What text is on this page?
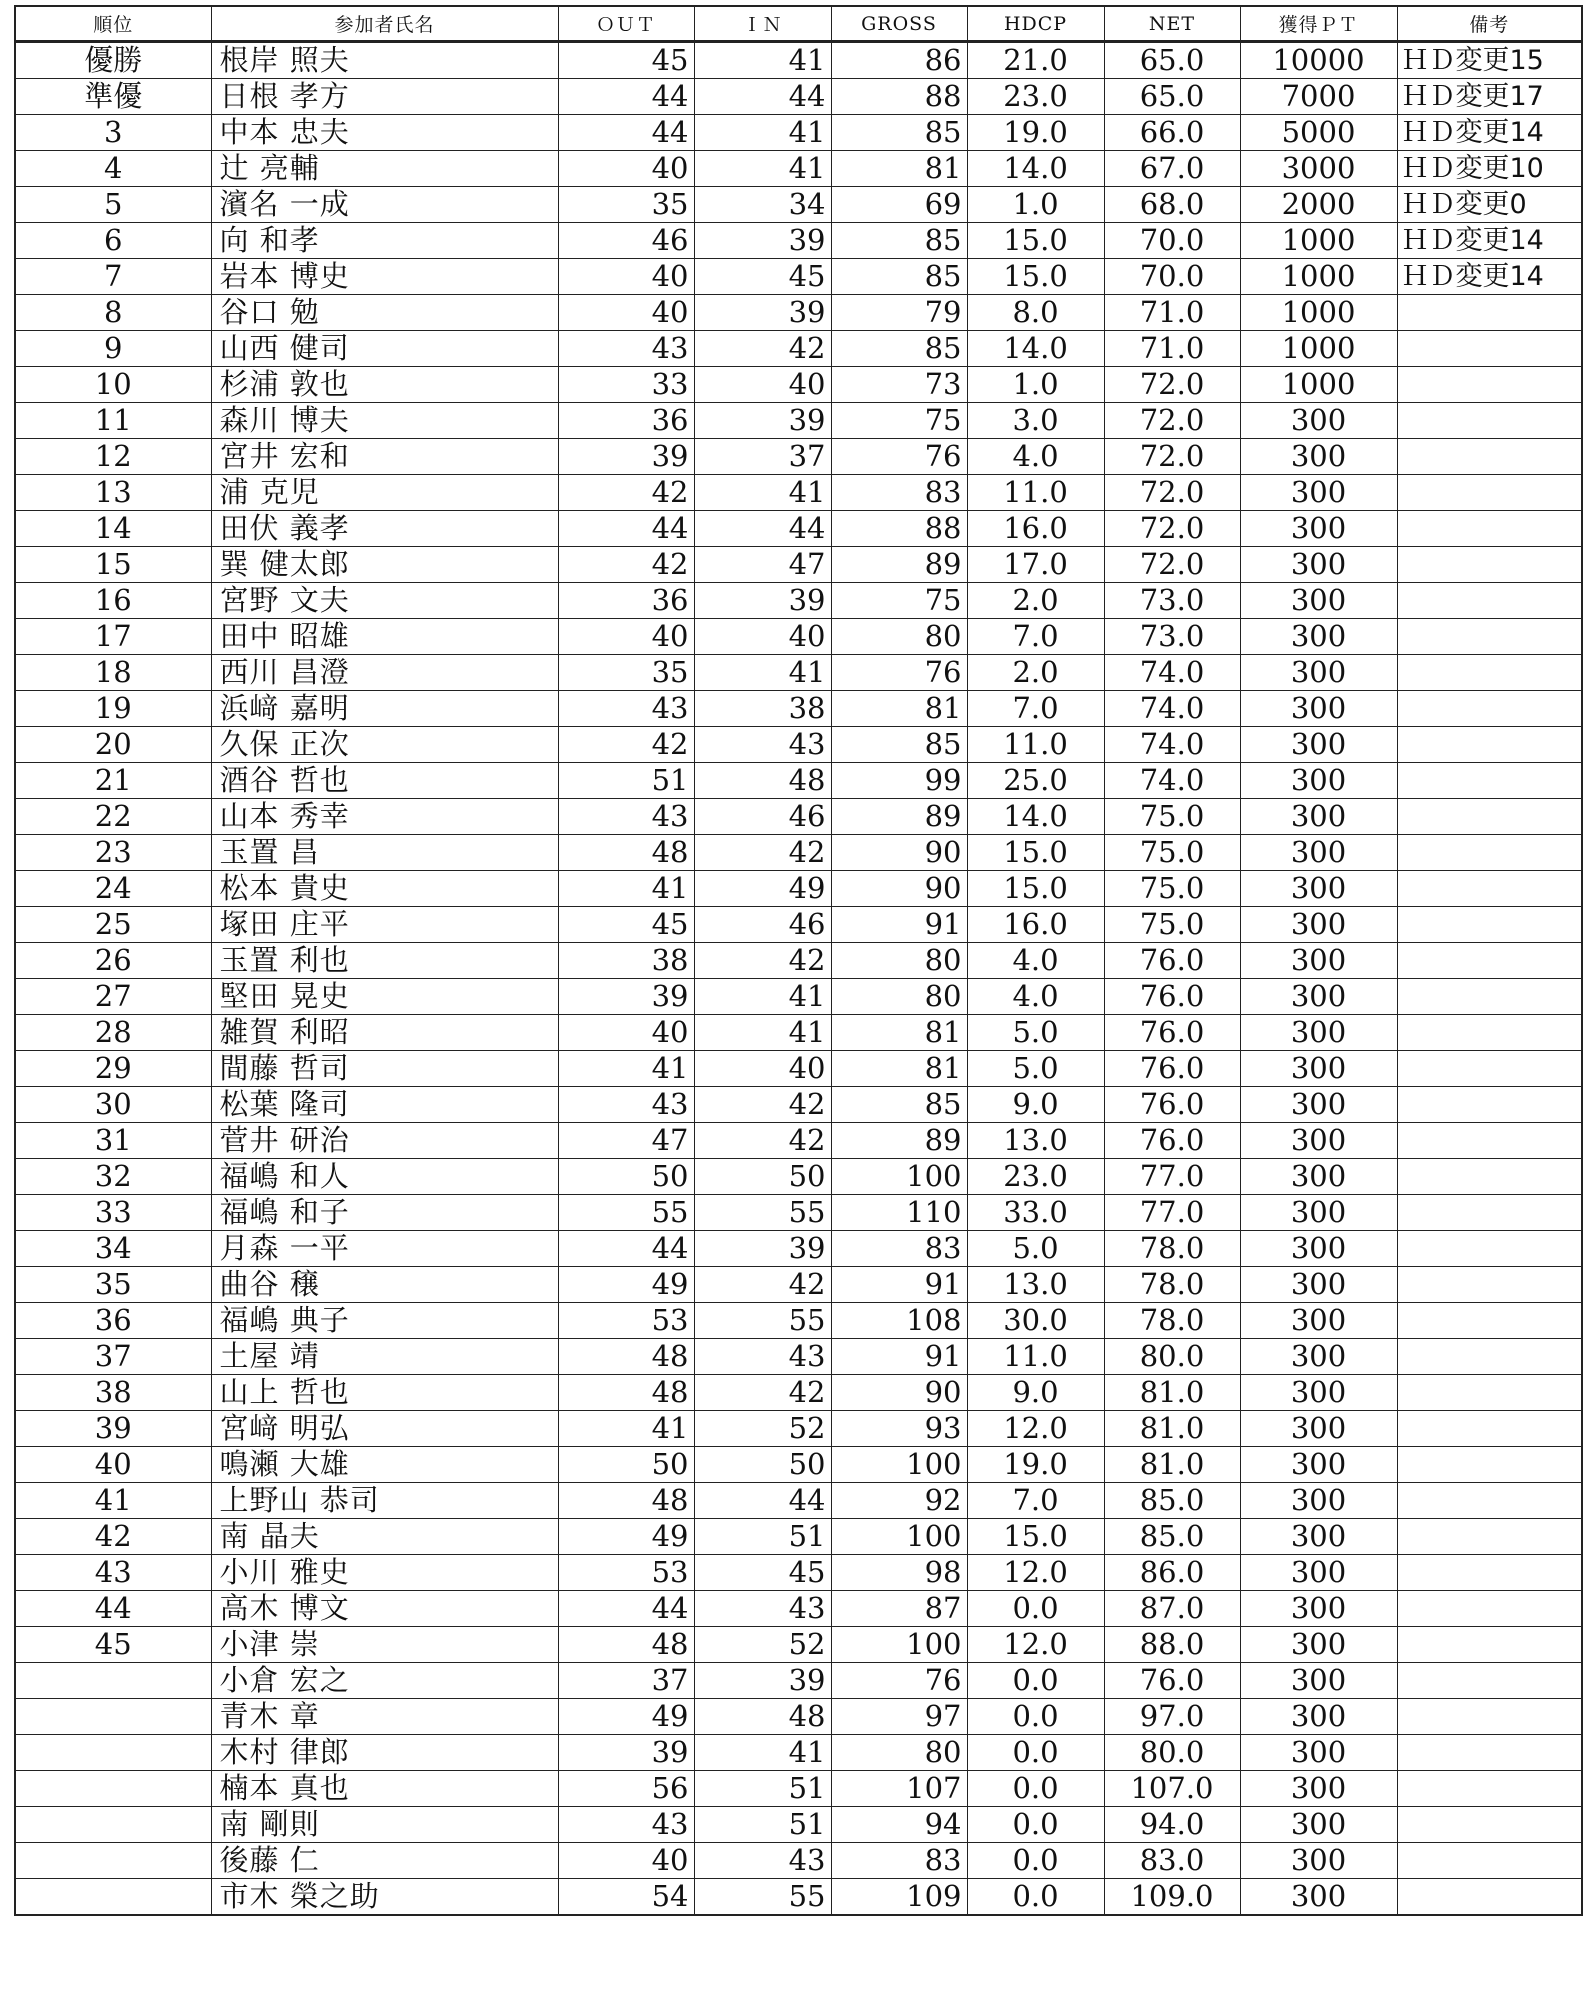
順位	参加者氏名	ＯＵＴ	ＩＮ	GROSS	HDCP	NET	獲得ＰＴ	備考
優勝	根岸 照夫	45	41	86	21.0	65.0	10000	ＨＤ変更15
準優	日根 孝方	44	44	88	23.0	65.0	7000	ＨＤ変更17
3	中本 忠夫	44	41	85	19.0	66.0	5000	ＨＤ変更14
4	辻 亮輔	40	41	81	14.0	67.0	3000	ＨＤ変更10
5	濱名 一成	35	34	69	1.0	68.0	2000	ＨＤ変更0
6	向 和孝	46	39	85	15.0	70.0	1000	ＨＤ変更14
7	岩本 博史	40	45	85	15.0	70.0	1000	ＨＤ変更14
8	谷口 勉	40	39	79	8.0	71.0	1000	
9	山西 健司	43	42	85	14.0	71.0	1000	
10	杉浦 敦也	33	40	73	1.0	72.0	1000	
11	森川 博夫	36	39	75	3.0	72.0	300	
12	宮井 宏和	39	37	76	4.0	72.0	300	
13	浦 克児	42	41	83	11.0	72.0	300	
14	田伏 義孝	44	44	88	16.0	72.0	300	
15	巽 健太郎	42	47	89	17.0	72.0	300	
16	宮野 文夫	36	39	75	2.0	73.0	300	
17	田中 昭雄	40	40	80	7.0	73.0	300	
18	西川 昌澄	35	41	76	2.0	74.0	300	
19	浜﨑 嘉明	43	38	81	7.0	74.0	300	
20	久保 正次	42	43	85	11.0	74.0	300	
21	酒谷 哲也	51	48	99	25.0	74.0	300	
22	山本 秀幸	43	46	89	14.0	75.0	300	
23	玉置 昌	48	42	90	15.0	75.0	300	
24	松本 貴史	41	49	90	15.0	75.0	300	
25	塚田 庄平	45	46	91	16.0	75.0	300	
26	玉置 利也	38	42	80	4.0	76.0	300	
27	堅田 晃史	39	41	80	4.0	76.0	300	
28	雑賀 利昭	40	41	81	5.0	76.0	300	
29	間藤 哲司	41	40	81	5.0	76.0	300	
30	松葉 隆司	43	42	85	9.0	76.0	300	
31	菅井 研治	47	42	89	13.0	76.0	300	
32	福嶋 和人	50	50	100	23.0	77.0	300	
33	福嶋 和子	55	55	110	33.0	77.0	300	
34	月森 一平	44	39	83	5.0	78.0	300	
35	曲谷 穣	49	42	91	13.0	78.0	300	
36	福嶋 典子	53	55	108	30.0	78.0	300	
37	土屋 靖	48	43	91	11.0	80.0	300	
38	山上 哲也	48	42	90	9.0	81.0	300	
39	宮﨑 明弘	41	52	93	12.0	81.0	300	
40	鳴瀬 大雄	50	50	100	19.0	81.0	300	
41	上野山 恭司	48	44	92	7.0	85.0	300	
42	南 晶夫	49	51	100	15.0	85.0	300	
43	小川 雅史	53	45	98	12.0	86.0	300	
44	高木 博文	44	43	87	0.0	87.0	300	
45	小津 崇	48	52	100	12.0	88.0	300	
	小倉 宏之	37	39	76	0.0	76.0	300	
	青木 章	49	48	97	0.0	97.0	300	
	木村 律郎	39	41	80	0.0	80.0	300	
	楠本 真也	56	51	107	0.0	107.0	300	
	南 剛則	43	51	94	0.0	94.0	300	
	後藤 仁	40	43	83	0.0	83.0	300	
	市木 榮之助	54	55	109	0.0	109.0	300	
